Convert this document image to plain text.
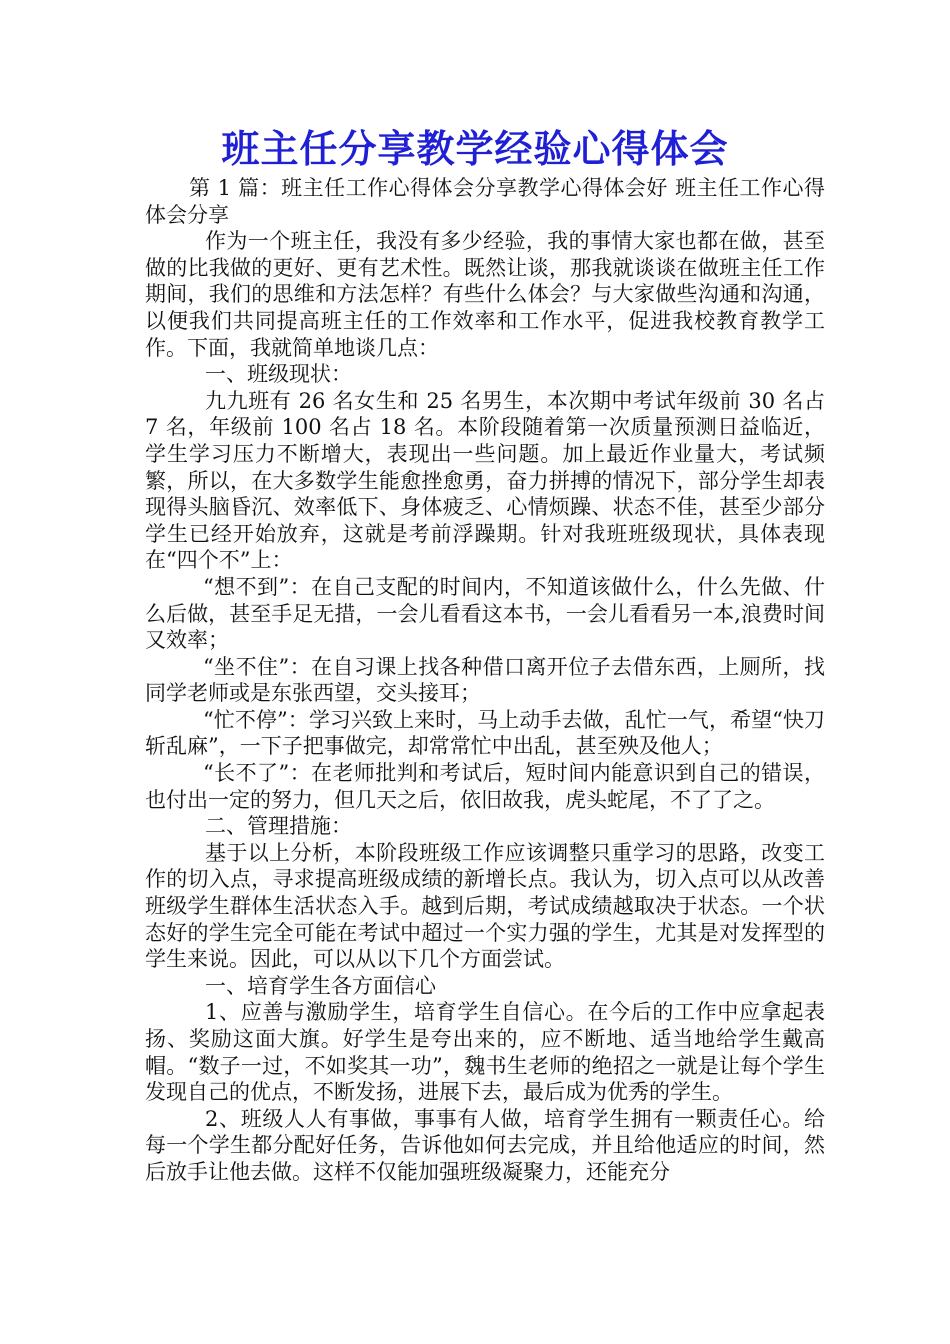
班主任分享教学经验心得体会

第 1 篇：班主任工作心得体会分享教学心得体会好 班主任工作心得体会分享

作为一个班主任，我没有多少经验，我的事情大家也都在做，甚至做的比我做的更好、更有艺术性。既然让谈，那我就谈谈在做班主任工作期间，我们的思维和方法怎样？有些什么体会？与大家做些沟通和沟通，以便我们共同提高班主任的工作效率和工作水平，促进我校教育教学工作。下面，我就简单地谈几点：

一、班级现状：

九九班有 26 名女生和 25 名男生，本次期中考试年级前 30 名占 7 名，年级前 100 名占 18 名。本阶段随着第一次质量预测日益临近，学生学习压力不断增大，表现出一些问题。加上最近作业量大，考试频繁，所以，在大多数学生能愈挫愈勇，奋力拼搏的情况下，部分学生却表现得头脑昏沉、效率低下、身体疲乏、心情烦躁、状态不佳，甚至少部分学生已经开始放弃，这就是考前浮躁期。针对我班班级现状，具体表现在“四个不”上：

“想不到”：在自己支配的时间内，不知道该做什么，什么先做、什么后做，甚至手足无措，一会儿看看这本书，一会儿看看另一本,浪费时间又效率；

“坐不住”：在自习课上找各种借口离开位子去借东西，上厕所，找同学老师或是东张西望，交头接耳；

“忙不停”：学习兴致上来时，马上动手去做，乱忙一气，希望“快刀斩乱麻”，一下子把事做完，却常常忙中出乱，甚至殃及他人；

“长不了”：在老师批判和考试后，短时间内能意识到自己的错误，也付出一定的努力，但几天之后，依旧故我，虎头蛇尾，不了了之。

二、管理措施：

基于以上分析，本阶段班级工作应该调整只重学习的思路，改变工作的切入点，寻求提高班级成绩的新增长点。我认为，切入点可以从改善班级学生群体生活状态入手。越到后期，考试成绩越取决于状态。一个状态好的学生完全可能在考试中超过一个实力强的学生，尤其是对发挥型的学生来说。因此，可以从以下几个方面尝试。

一、培育学生各方面信心

1、应善与激励学生，培育学生自信心。在今后的工作中应拿起表扬、奖励这面大旗。好学生是夸出来的，应不断地、适当地给学生戴高帽。“数子一过，不如奖其一功”，魏书生老师的绝招之一就是让每个学生发现自己的优点，不断发扬，进展下去，最后成为优秀的学生。

2、班级人人有事做，事事有人做，培育学生拥有一颗责任心。给每一个学生都分配好任务，告诉他如何去完成，并且给他适应的时间，然后放手让他去做。这样不仅能加强班级凝聚力，还能充分
